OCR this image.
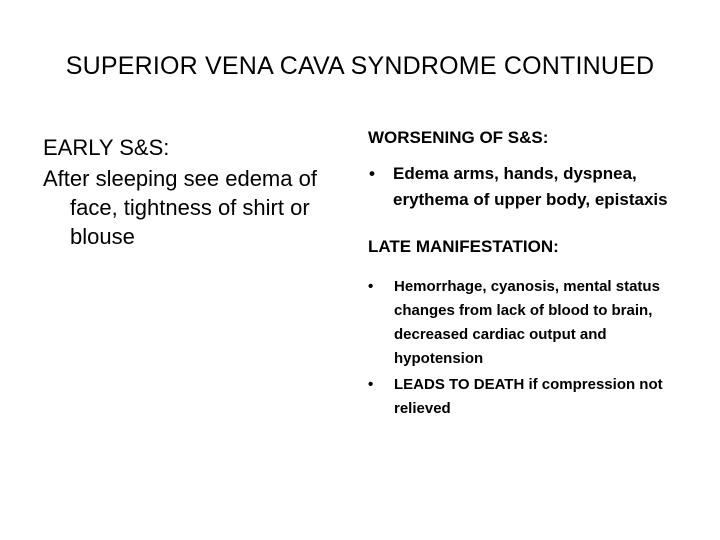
SUPERIOR VENA CAVA SYNDROME CONTINUED
EARLY S&S:
After sleeping see edema of face, tightness of shirt or blouse
WORSENING OF S&S:
• Edema arms, hands, dyspnea, erythema of upper body, epistaxis
LATE MANIFESTATION:
• Hemorrhage, cyanosis, mental status changes from lack of blood to brain, decreased cardiac output and hypotension
• LEADS TO DEATH if compression not relieved
